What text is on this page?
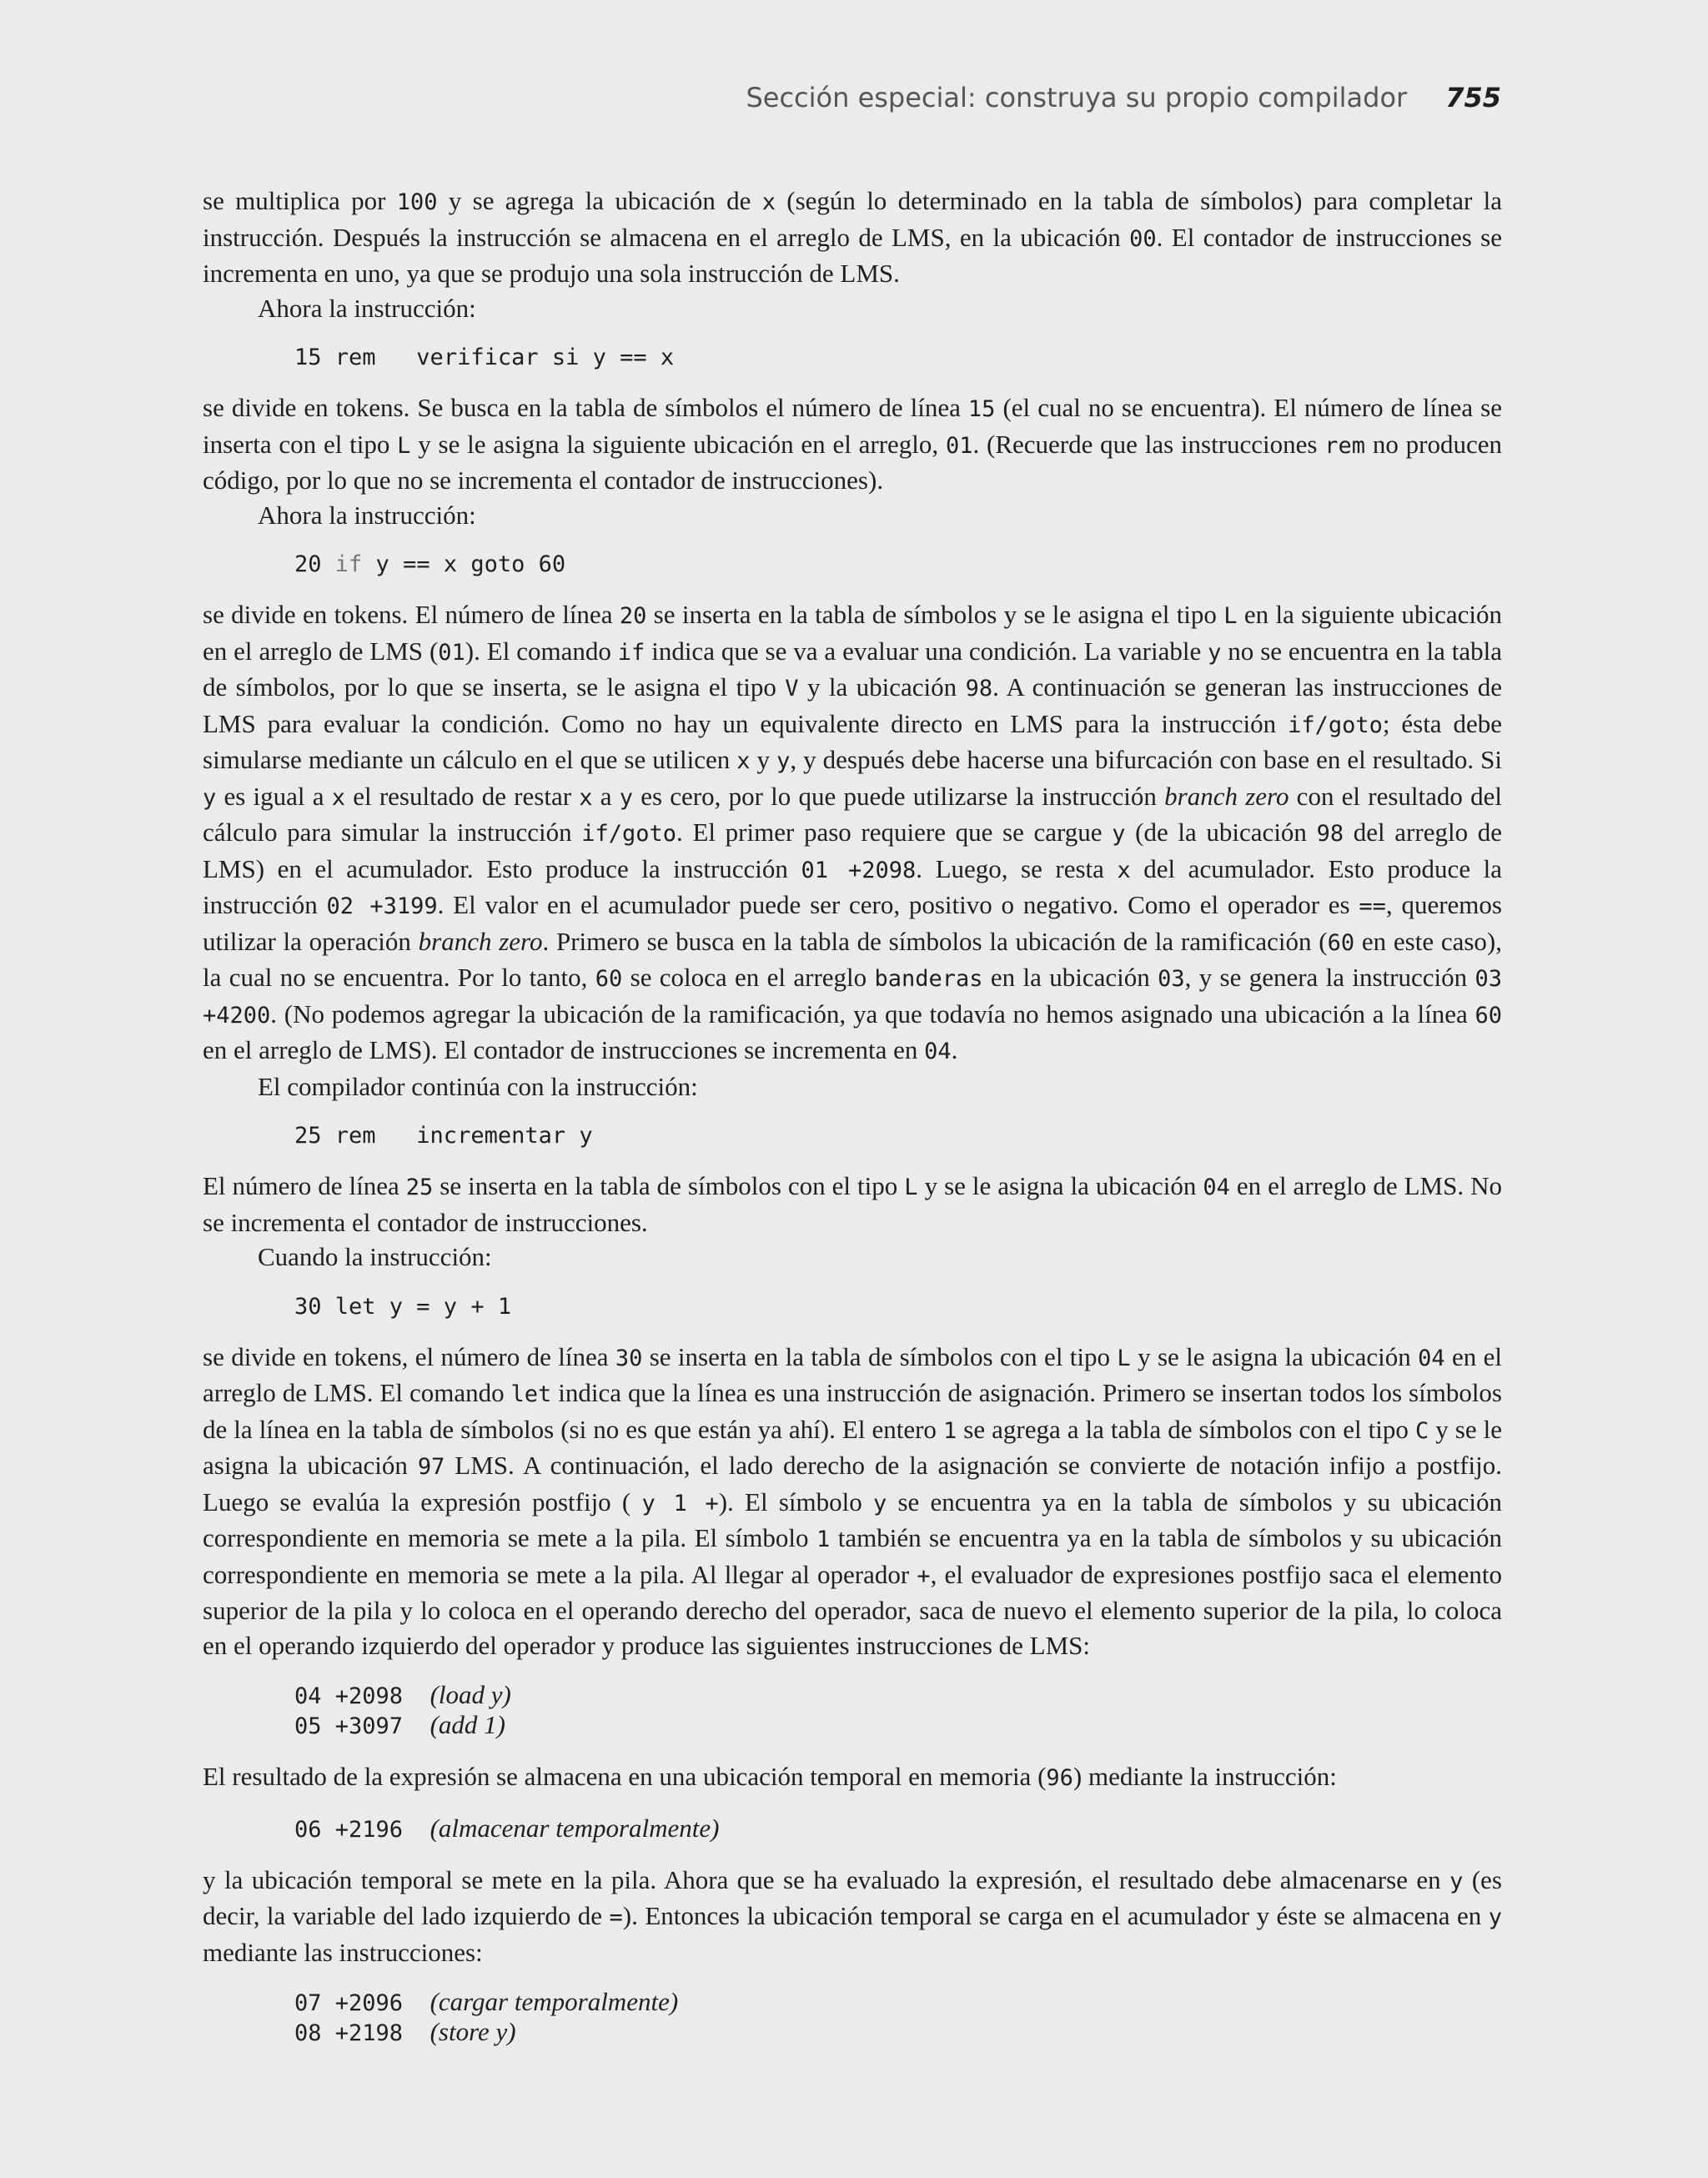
Sección especial: construya su propio compilador 755

se multiplica por 100 y se agrega la ubicación de x (según lo determinado en la tabla de símbolos) para completar la instrucción. Después la instrucción se almacena en el arreglo de LMS, en la ubicación 00. El contador de instrucciones se incrementa en uno, ya que se produjo una sola instrucción de LMS.

Ahora la instrucción:

15 rem   verificar si y == x

se divide en tokens. Se busca en la tabla de símbolos el número de línea 15 (el cual no se encuentra). El número de línea se inserta con el tipo L y se le asigna la siguiente ubicación en el arreglo, 01. (Recuerde que las instrucciones rem no producen código, por lo que no se incrementa el contador de instrucciones).

Ahora la instrucción:

20 if y == x goto 60

se divide en tokens. El número de línea 20 se inserta en la tabla de símbolos y se le asigna el tipo L en la siguiente ubicación en el arreglo de LMS (01). El comando if indica que se va a evaluar una condición. La variable y no se encuentra en la tabla de símbolos, por lo que se inserta, se le asigna el tipo V y la ubicación 98. A continuación se generan las instrucciones de LMS para evaluar la condición. Como no hay un equivalente directo en LMS para la instrucción if/goto; ésta debe simularse mediante un cálculo en el que se utilicen x y y, y después debe hacerse una bifurcación con base en el resultado. Si y es igual a x el resultado de restar x a y es cero, por lo que puede utilizarse la instrucción branch zero con el resultado del cálculo para simular la instrucción if/goto. El primer paso requiere que se cargue y (de la ubicación 98 del arreglo de LMS) en el acumulador. Esto produce la instrucción 01 +2098. Luego, se resta x del acumulador. Esto produce la instrucción 02 +3199. El valor en el acumulador puede ser cero, positivo o negativo. Como el operador es ==, queremos utilizar la operación branch zero. Primero se busca en la tabla de símbolos la ubicación de la ramificación (60 en este caso), la cual no se encuentra. Por lo tanto, 60 se coloca en el arreglo banderas en la ubicación 03, y se genera la instrucción 03 +4200. (No podemos agregar la ubicación de la ramificación, ya que todavía no hemos asignado una ubicación a la línea 60 en el arreglo de LMS). El contador de instrucciones se incrementa en 04.

El compilador continúa con la instrucción:

25 rem   incrementar y

El número de línea 25 se inserta en la tabla de símbolos con el tipo L y se le asigna la ubicación 04 en el arreglo de LMS. No se incrementa el contador de instrucciones.

Cuando la instrucción:

30 let y = y + 1

se divide en tokens, el número de línea 30 se inserta en la tabla de símbolos con el tipo L y se le asigna la ubicación 04 en el arreglo de LMS. El comando let indica que la línea es una instrucción de asignación. Primero se insertan todos los símbolos de la línea en la tabla de símbolos (si no es que están ya ahí). El entero 1 se agrega a la tabla de símbolos con el tipo C y se le asigna la ubicación 97 LMS. A continuación, el lado derecho de la asignación se convierte de notación infijo a postfijo. Luego se evalúa la expresión postfijo ( y 1 +). El símbolo y se encuentra ya en la tabla de símbolos y su ubicación correspondiente en memoria se mete a la pila. El símbolo 1 también se encuentra ya en la tabla de símbolos y su ubicación correspondiente en memoria se mete a la pila. Al llegar al operador +, el evaluador de expresiones postfijo saca el elemento superior de la pila y lo coloca en el operando derecho del operador, saca de nuevo el elemento superior de la pila, lo coloca en el operando izquierdo del operador y produce las siguientes instrucciones de LMS:

04 +2098 (load y)
05 +3097 (add 1)

El resultado de la expresión se almacena en una ubicación temporal en memoria (96) mediante la instrucción:

06 +2196 (almacenar temporalmente)

y la ubicación temporal se mete en la pila. Ahora que se ha evaluado la expresión, el resultado debe almacenarse en y (es decir, la variable del lado izquierdo de =). Entonces la ubicación temporal se carga en el acumulador y éste se almacena en y mediante las instrucciones:

07 +2096 (cargar temporalmente)
08 +2198 (store y)
